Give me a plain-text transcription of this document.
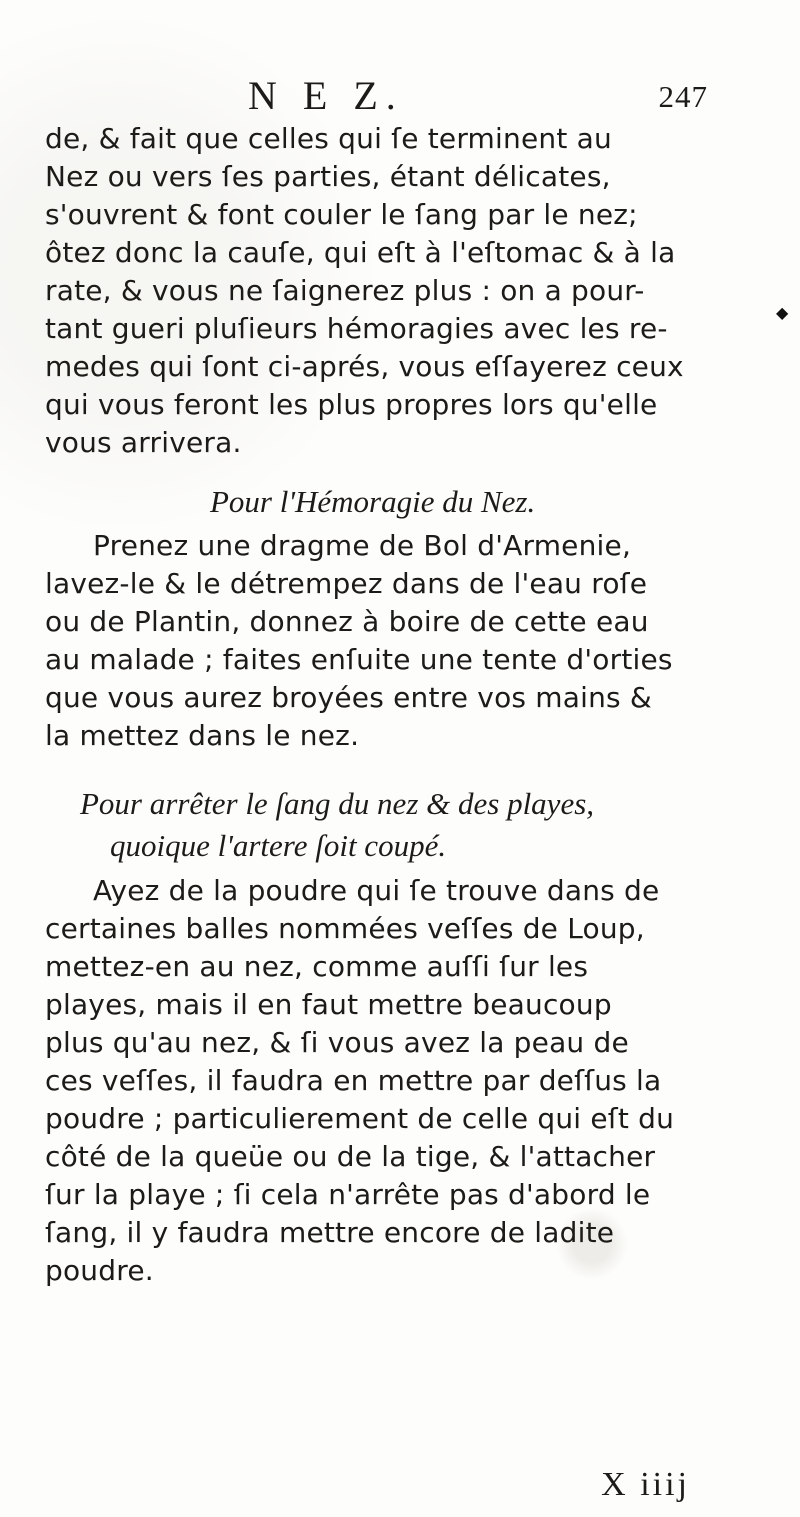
N E Z.	247
de, & fait que celles qui ſe terminent au
Nez ou vers ſes parties, étant délicates,
s'ouvrent & font couler le ſang par le nez;
ôtez donc la cauſe, qui eſt à l'eſtomac & à la
rate, & vous ne ſaignerez plus : on a pour-
tant gueri pluſieurs hémoragies avec les re-
medes qui ſont ci-aprés, vous eſſayerez ceux
qui vous feront les plus propres lors qu'elle
vous arrivera.
Pour l'Hémoragie du Nez.
Prenez une dragme de Bol d'Armenie,
lavez-le & le détrempez dans de l'eau roſe
ou de Plantin, donnez à boire de cette eau
au malade ; faites enſuite une tente d'orties
que vous aurez broyées entre vos mains &
la mettez dans le nez.
Pour arrêter le ſang du nez & des playes,
quoique l'artere ſoit coupé.
Ayez de la poudre qui ſe trouve dans de
certaines balles nommées veſſes de Loup,
mettez-en au nez, comme auſſi ſur les
playes, mais il en faut mettre beaucoup
plus qu'au nez, & ſi vous avez la peau de
ces veſſes, il faudra en mettre par deſſus la
poudre ; particulierement de celle qui eſt du
côté de la queüe ou de la tige, & l'attacher
ſur la playe ; ſi cela n'arrête pas d'abord le
ſang, il y faudra mettre encore de ladite
poudre.
X iiij
◆
